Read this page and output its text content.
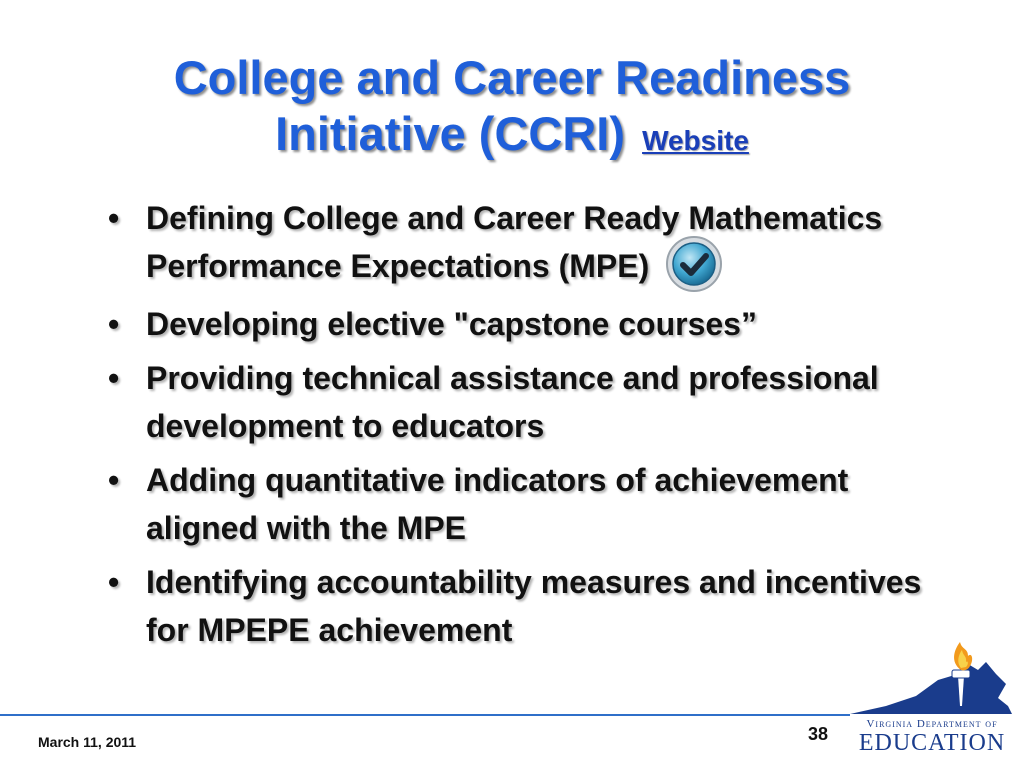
College and Career Readiness
Initiative (CCRI) Website
• Defining College and Career Ready Mathematics Performance Expectations (MPE)
• Developing elective "capstone courses”
• Providing technical assistance and professional development to educators
• Adding quantitative indicators of achievement aligned with the MPE
• Identifying accountability measures and incentives for MPEPE achievement
March 11, 2011	38	Virginia Department of
EDUCATION
